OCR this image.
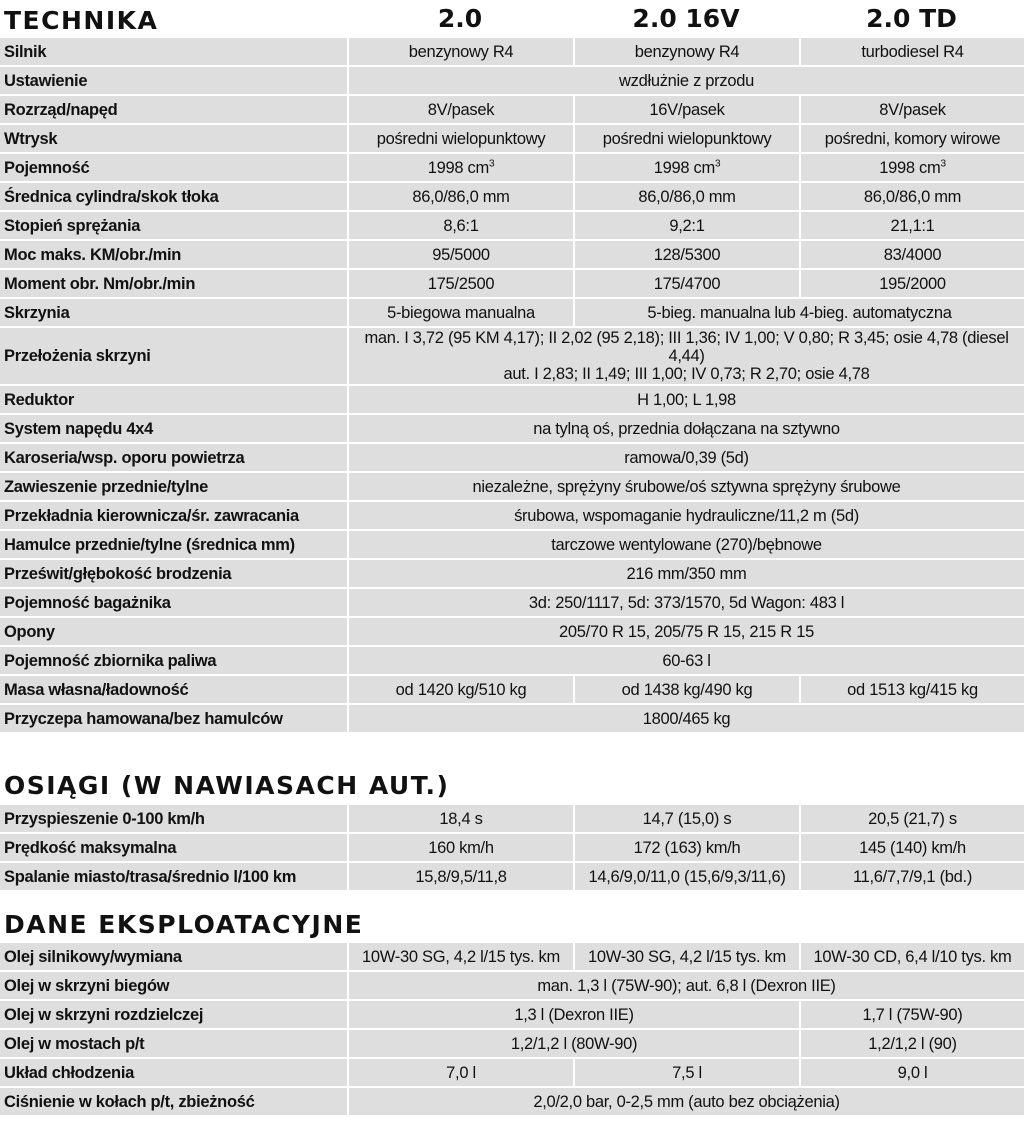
TECHNIKA	2.0	2.0 16V	2.0 TD
Silnik	benzynowy R4	benzynowy R4	turbodiesel R4
Ustawienie	wzdłużnie z przodu		
Rozrząd/napęd	8V/pasek	16V/pasek	8V/pasek
Wtrysk	pośredni wielopunktowy	pośredni wielopunktowy	pośredni, komory wirowe
Pojemność	1998 $cm^3$	1998 $cm^3$	1998 $cm^3$
Średnica cylindra/skok tłoka	86,0/86,0 mm	86,0/86,0 mm	86,0/86,0 mm
Stopień sprężania	8,6:1	9,2:1	21,1:1
Moc maks. KM/obr./min	95/5000	128/5300	83/4000
Moment obr. Nm/obr./min	175/2500	175/4700	195/2000
Skrzynia	5-biegowa manualna	5-bieg. manualna lub 4-bieg. automatyczna	
Przełożenia skrzyni	man. I 3,72 (95 KM 4,17); II 2,02 (95 2,18); III 1,36; IV 1,00; V 0,80; R 3,45; osie 4,78 (diesel 4,44)
aut. I 2,83; II 1,49; III 1,00; IV 0,73; R 2,70; osie 4,78		
Reduktor	H 1,00; L 1,98		
System napędu 4x4	na tylną oś, przednia dołączana na sztywno		
Karoseria/wsp. oporu powietrza	ramowa/0,39 (5d)		
Zawieszenie przednie/tylne	niezależne, sprężyny śrubowe/oś sztywna sprężyny śrubowe		
Przekładnia kierownicza/śr. zawracania	śrubowa, wspomaganie hydrauliczne/11,2 m (5d)		
Hamulce przednie/tylne (średnica mm)	tarczowe wentylowane (270)/bębnowe		
Prześwit/głębokość brodzenia	216 mm/350 mm		
Pojemność bagażnika	3d: 250/1117, 5d: 373/1570, 5d Wagon: 483 l		
Opony	205/70 R 15, 205/75 R 15, 215 R 15		
Pojemność zbiornika paliwa	60-63 l		
Masa własna/ładowność	od 1420 kg/510 kg	od 1438 kg/490 kg	od 1513 kg/415 kg
Przyczepa hamowana/bez hamulców	1800/465 kg		
OSIĄGI (W NAWIASACH AUT.)
Przyspieszenie 0-100 km/h	18,4 s	14,7 (15,0) s	20,5 (21,7) s
Prędkość maksymalna	160 km/h	172 (163) km/h	145 (140) km/h
Spalanie miasto/trasa/średnio l/100 km	15,8/9,5/11,8	14,6/9,0/11,0 (15,6/9,3/11,6)	11,6/7,7/9,1 (bd.)
DANE EKSPLOATACYJNE
Olej silnikowy/wymiana	10W-30 SG, 4,2 l/15 tys. km	10W-30 SG, 4,2 l/15 tys. km	10W-30 CD, 6,4 l/10 tys. km
Olej w skrzyni biegów	man. 1,3 l (75W-90); aut. 6,8 l (Dexron IIE)		
Olej w skrzyni rozdzielczej	1,3 l (Dexron IIE)		1,7 l (75W-90)
Olej w mostach p/t	1,2/1,2 l (80W-90)		1,2/1,2 l (90)
Układ chłodzenia	7,0 l	7,5 l	9,0 l
Ciśnienie w kołach p/t, zbieżność	2,0/2,0 bar, 0-2,5 mm (auto bez obciążenia)		
